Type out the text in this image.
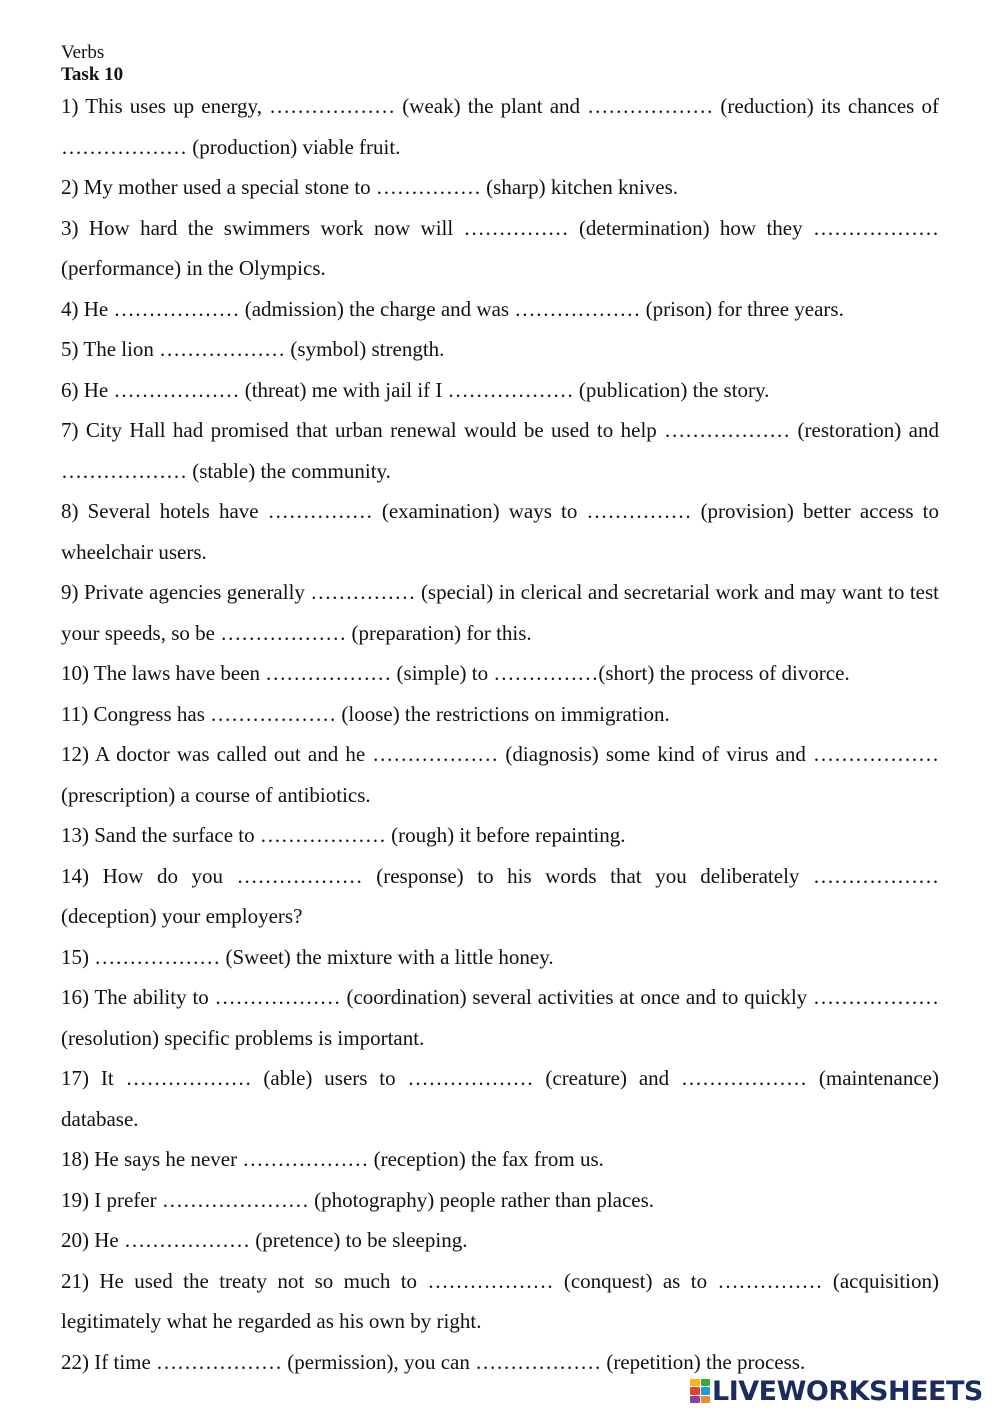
Verbs
Task 10
1) This uses up energy, ……………… (weak) the plant and ……………… (reduction) its chances of ……………… (production) viable fruit.
2) My mother used a special stone to …………… (sharp) kitchen knives.
3) How hard the swimmers work now will …………… (determination) how they ……………… (performance) in the Olympics.
4) He ……………… (admission) the charge and was ……………… (prison) for three years.
5) The lion ……………… (symbol) strength.
6) He ……………… (threat) me with jail if I ……………… (publication) the story.
7) City Hall had promised that urban renewal would be used to help ……………… (restoration) and ……………… (stable) the community.
8) Several hotels have …………… (examination) ways to …………… (provision) better access to wheelchair users.
9) Private agencies generally …………… (special) in clerical and secretarial work and may want to test your speeds, so be ……………… (preparation) for this.
10) The laws have been ……………… (simple) to ……………(short) the process of divorce.
11) Congress has ……………… (loose) the restrictions on immigration.
12) A doctor was called out and he ……………… (diagnosis) some kind of virus and ……………… (prescription) a course of antibiotics.
13) Sand the surface to ……………… (rough) it before repainting.
14) How do you ……………… (response) to his words that you deliberately ……………… (deception) your employers?
15) ……………… (Sweet) the mixture with a little honey.
16) The ability to ……………… (coordination) several activities at once and to quickly ……………… (resolution) specific problems is important.
17) It ……………… (able) users to ……………… (creature) and ……………… (maintenance) database.
18) He says he never ……………… (reception) the fax from us.
19) I prefer ………………… (photography) people rather than places.
20) He ……………… (pretence) to be sleeping.
21) He used the treaty not so much to ……………… (conquest) as to …………… (acquisition) legitimately what he regarded as his own by right.
22) If time ……………… (permission), you can ……………… (repetition) the process.
LIVEWORKSHEETS
